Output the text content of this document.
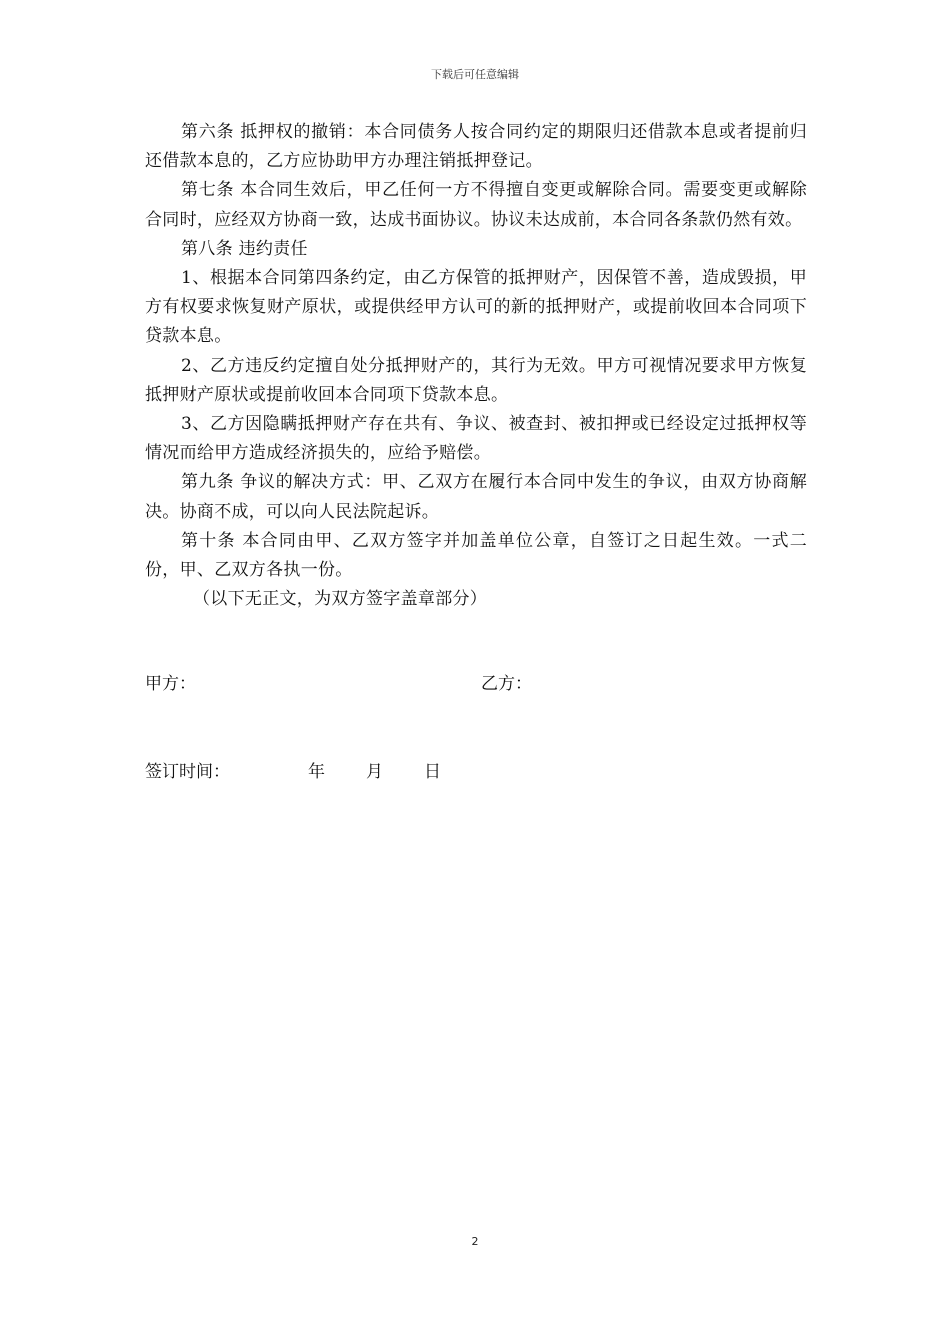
下载后可任意编辑

第六条 抵押权的撤销：本合同债务人按合同约定的期限归还借款本息或者提前归还借款本息的，乙方应协助甲方办理注销抵押登记。

第七条 本合同生效后，甲乙任何一方不得擅自变更或解除合同。需要变更或解除合同时，应经双方协商一致，达成书面协议。协议未达成前，本合同各条款仍然有效。

第八条 违约责任

1、根据本合同第四条约定，由乙方保管的抵押财产，因保管不善，造成毁损，甲方有权要求恢复财产原状，或提供经甲方认可的新的抵押财产，或提前收回本合同项下贷款本息。

2、乙方违反约定擅自处分抵押财产的，其行为无效。甲方可视情况要求甲方恢复抵押财产原状或提前收回本合同项下贷款本息。

3、乙方因隐瞒抵押财产存在共有、争议、被查封、被扣押或已经设定过抵押权等情况而给甲方造成经济损失的，应给予赔偿。

第九条 争议的解决方式：甲、乙双方在履行本合同中发生的争议，由双方协商解决。协商不成，可以向人民法院起诉。

第十条 本合同由甲、乙双方签字并加盖单位公章，自签订之日起生效。一式二份，甲、乙双方各执一份。

（以下无正文，为双方签字盖章部分）

甲方：	乙方：
签订时间：	年 月 日
2
